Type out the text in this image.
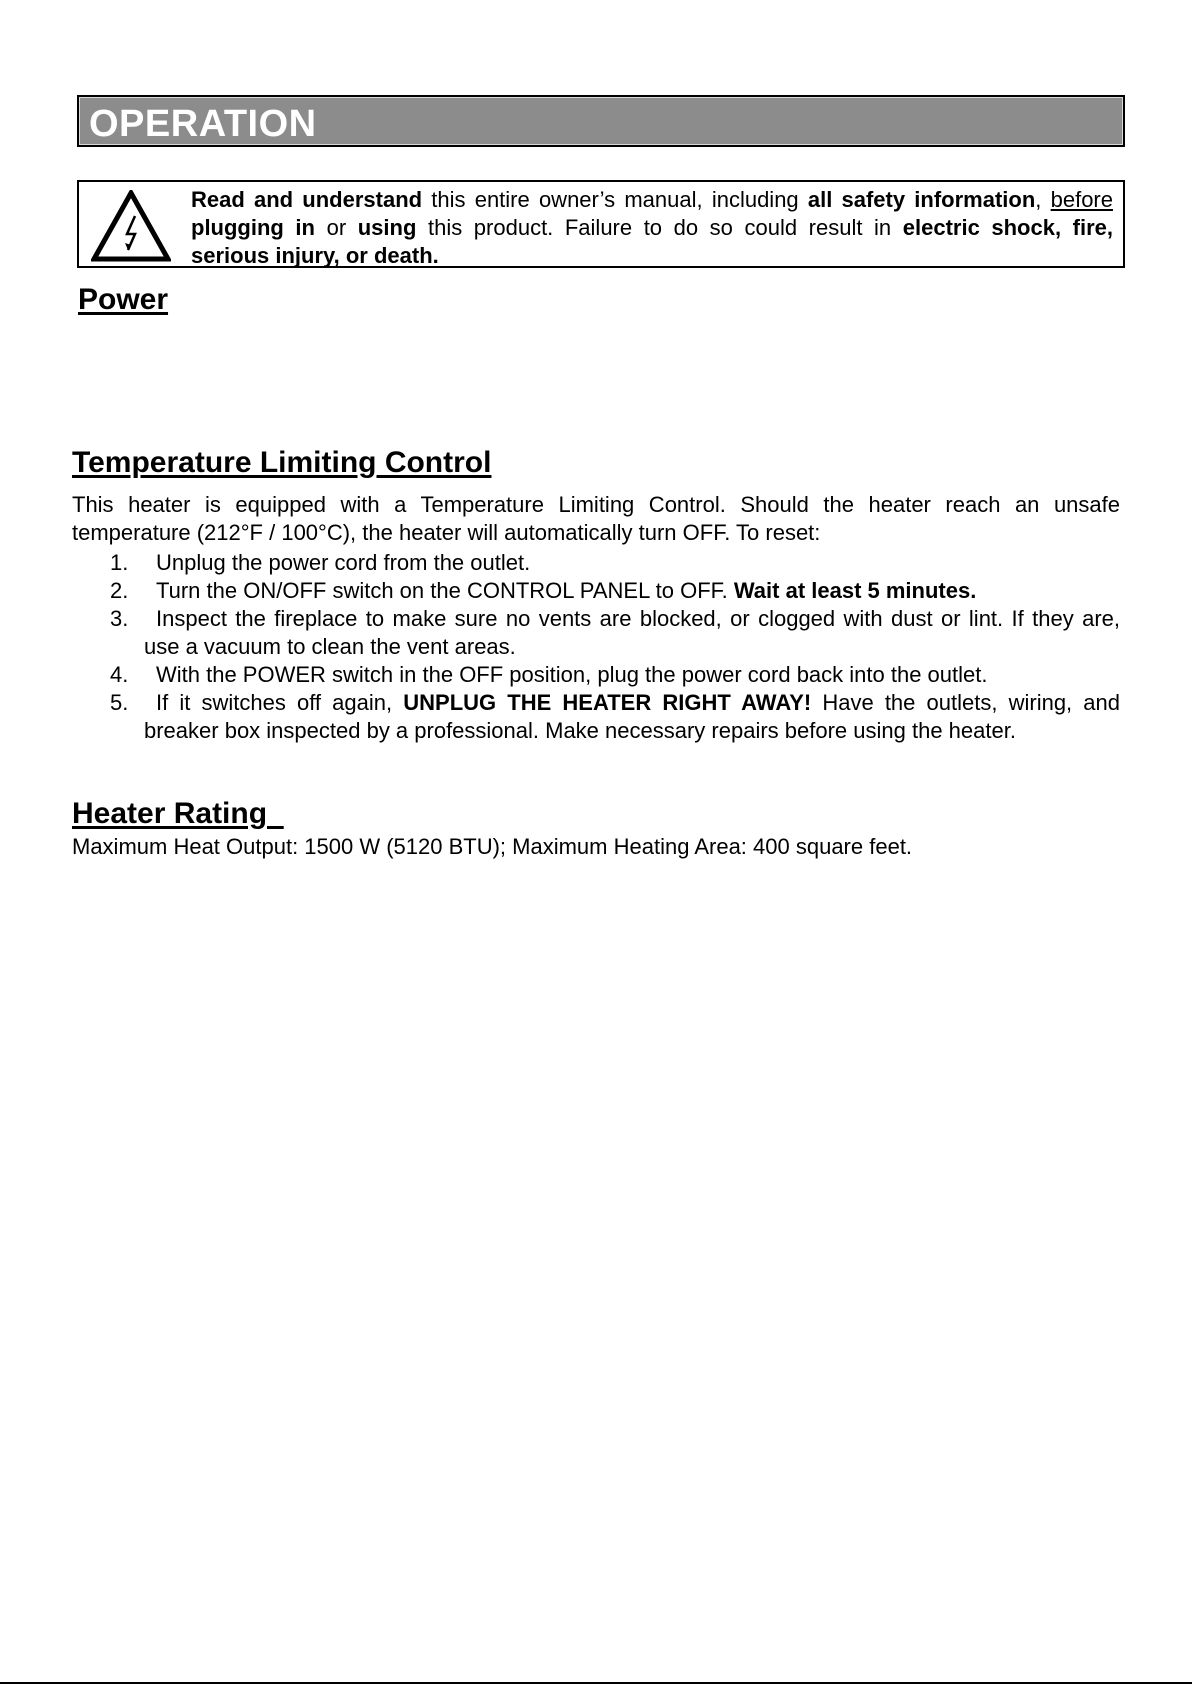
OPERATION
Read and understand this entire owner’s manual, including all safety information, before plugging in or using this product. Failure to do so could result in electric shock, fire, serious injury, or death.
Power
Temperature Limiting Control
This heater is equipped with a Temperature Limiting Control. Should the heater reach an unsafe temperature (212°F / 100°C), the heater will automatically turn OFF. To reset:
1.	Unplug the power cord from the outlet.
2.	Turn the ON/OFF switch on the CONTROL PANEL to OFF. Wait at least 5 minutes.
3.	Inspect the fireplace to make sure no vents are blocked, or clogged with dust or lint. If they are, use a vacuum to clean the vent areas.
4.	With the POWER switch in the OFF position, plug the power cord back into the outlet.
5.	If it switches off again, UNPLUG THE HEATER RIGHT AWAY! Have the outlets, wiring, and breaker box inspected by a professional. Make necessary repairs before using the heater.
Heater Rating
Maximum Heat Output: 1500 W (5120 BTU); Maximum Heating Area: 400 square feet.
